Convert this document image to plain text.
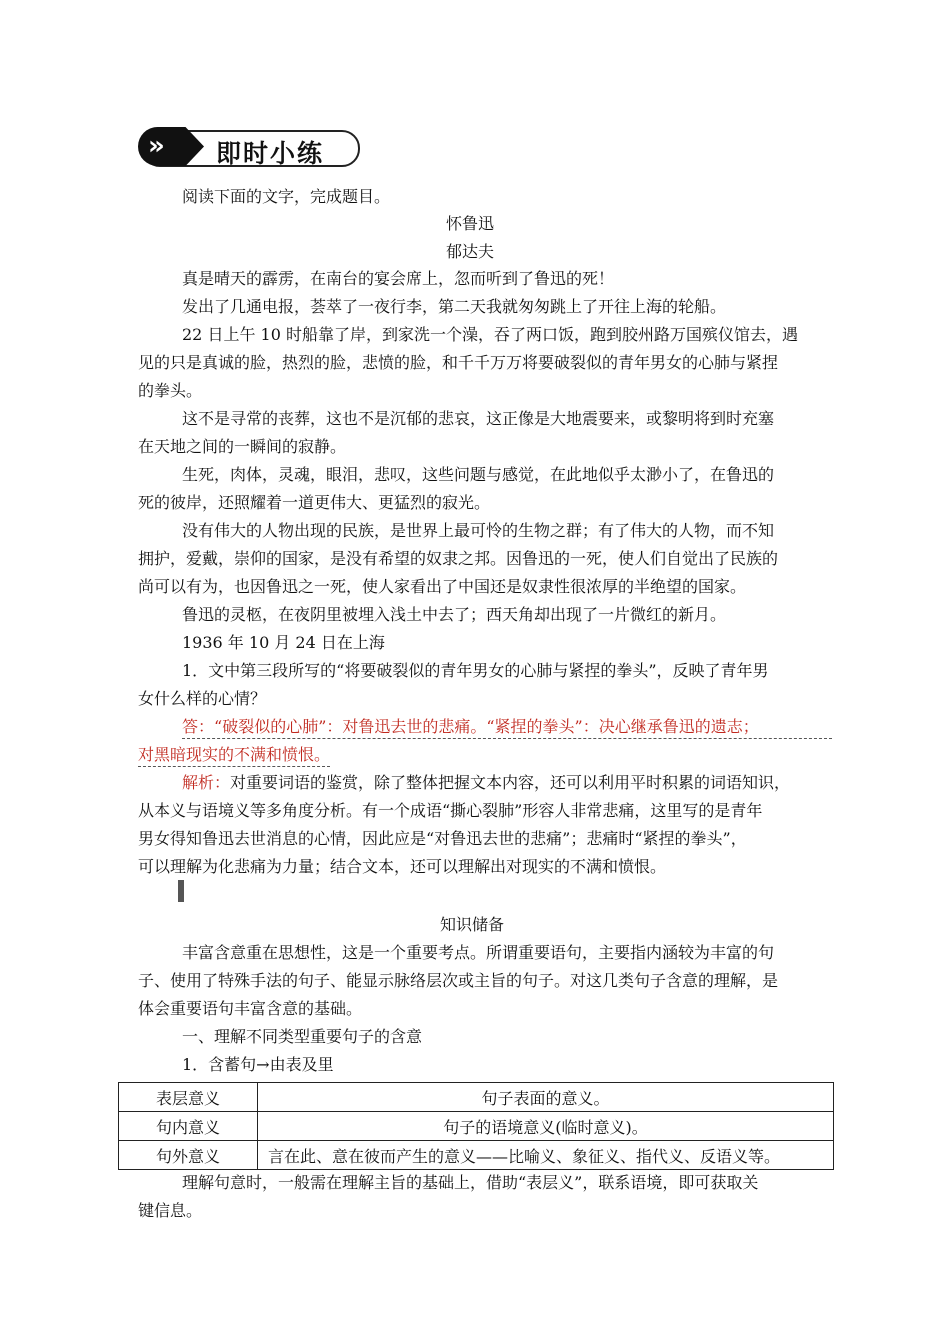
» 即时小练
阅读下面的文字，完成题目。
怀鲁迅
郁达夫
真是晴天的霹雳，在南台的宴会席上，忽而听到了鲁迅的死！
发出了几通电报，荟萃了一夜行李，第二天我就匆匆跳上了开往上海的轮船。
22 日上午 10 时船靠了岸，到家洗一个澡，吞了两口饭，跑到胶州路万国殡仪馆去，遇
见的只是真诚的脸，热烈的脸，悲愤的脸，和千千万万将要破裂似的青年男女的心肺与紧捏
的拳头。
这不是寻常的丧葬，这也不是沉郁的悲哀，这正像是大地震要来，或黎明将到时充塞
在天地之间的一瞬间的寂静。
生死，肉体，灵魂，眼泪，悲叹，这些问题与感觉，在此地似乎太渺小了，在鲁迅的
死的彼岸，还照耀着一道更伟大、更猛烈的寂光。
没有伟大的人物出现的民族，是世界上最可怜的生物之群；有了伟大的人物，而不知
拥护，爱戴，崇仰的国家，是没有希望的奴隶之邦。因鲁迅的一死，使人们自觉出了民族的
尚可以有为，也因鲁迅之一死，使人家看出了中国还是奴隶性很浓厚的半绝望的国家。
鲁迅的灵柩，在夜阴里被埋入浅土中去了；西天角却出现了一片微红的新月。
1936 年 10 月 24 日在上海
1．文中第三段所写的“将要破裂似的青年男女的心肺与紧捏的拳头”，反映了青年男
女什么样的心情？
答：“破裂似的心肺”：对鲁迅去世的悲痛。“紧捏的拳头”：决心继承鲁迅的遗志；
对黑暗现实的不满和愤恨。
解析：对重要词语的鉴赏，除了整体把握文本内容，还可以利用平时积累的词语知识，
从本义与语境义等多角度分析。有一个成语“撕心裂肺”形容人非常悲痛，这里写的是青年
男女得知鲁迅去世消息的心情，因此应是“对鲁迅去世的悲痛”；悲痛时“紧捏的拳头”，
可以理解为化悲痛为力量；结合文本，还可以理解出对现实的不满和愤恨。
知识储备
丰富含意重在思想性，这是一个重要考点。所谓重要语句，主要指内涵较为丰富的句
子、使用了特殊手法的句子、能显示脉络层次或主旨的句子。对这几类句子含意的理解，是
体会重要语句丰富含意的基础。
一、理解不同类型重要句子的含意
1．含蓄句→由表及里
表层意义	句子表面的意义。
句内意义	句子的语境意义(临时意义)。
句外意义	言在此、意在彼而产生的意义——比喻义、象征义、指代义、反语义等。
理解句意时，一般需在理解主旨的基础上，借助“表层义”，联系语境，即可获取关
键信息。
